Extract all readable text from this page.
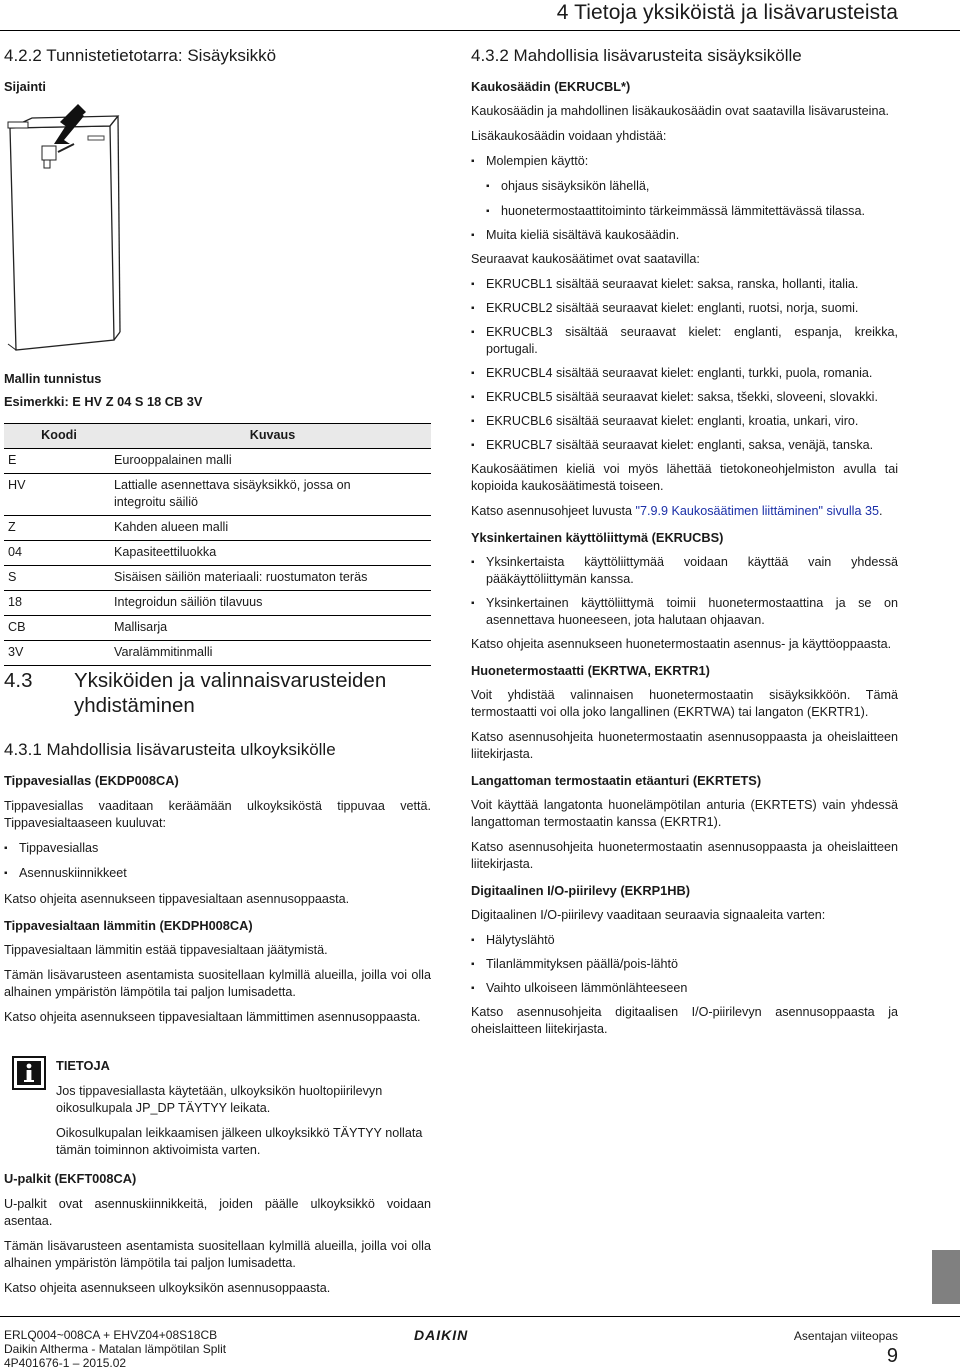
4 Tietoja yksiköistä ja lisävarusteista
4.2.2 Tunnistetietotarra: Sisäyksikkö
Sijainti
Mallin tunnistus
Esimerkki: E HV Z 04 S 18 CB 3V
Koodi	Kuvaus
E	Eurooppalainen malli
HV	Lattialle asennettava sisäyksikkö, jossa on integroitu säiliö
Z	Kahden alueen malli
04	Kapasiteettiluokka
S	Sisäisen säiliön materiaali: ruostumaton teräs
18	Integroidun säiliön tilavuus
CB	Mallisarja
3V	Varalämmitinmalli
4.3	Yksiköiden ja valinnaisvarusteiden yhdistäminen
4.3.1 Mahdollisia lisävarusteita ulkoyksikölle
Tippavesiallas (EKDP008CA)
Tippavesiallas vaaditaan keräämään ulkoyksiköstä tippuvaa vettä. Tippavesialtaaseen kuuluvat:
▪ Tippavesiallas
▪ Asennuskiinnikkeet
Katso ohjeita asennukseen tippavesialtaan asennusoppaasta.
Tippavesialtaan lämmitin (EKDPH008CA)
Tippavesialtaan lämmitin estää tippavesialtaan jäätymistä.
Tämän lisävarusteen asentamista suositellaan kylmillä alueilla, joilla voi olla alhainen ympäristön lämpötila tai paljon lumisadetta.
Katso ohjeita asennukseen tippavesialtaan lämmittimen asennusoppaasta.
TIETOJA
Jos tippavesiallasta käytetään, ulkoyksikön huoltopiirilevyn oikosulkupala JP_DP TÄYTYY leikata.
Oikosulkupalan leikkaamisen jälkeen ulkoyksikkö TÄYTYY nollata tämän toiminnon aktivoimista varten.
U-palkit (EKFT008CA)
U-palkit ovat asennuskiinnikkeitä, joiden päälle ulkoyksikkö voidaan asentaa.
Tämän lisävarusteen asentamista suositellaan kylmillä alueilla, joilla voi olla alhainen ympäristön lämpötila tai paljon lumisadetta.
Katso ohjeita asennukseen ulkoyksikön asennusoppaasta.
4.3.2 Mahdollisia lisävarusteita sisäyksikölle
Kaukosäädin (EKRUCBL*)
Kaukosäädin ja mahdollinen lisäkaukosäädin ovat saatavilla lisävarusteina.
Lisäkaukosäädin voidaan yhdistää:
▪ Molempien käyttö:
▪ ohjaus sisäyksikön lähellä,
▪ huonetermostaattitoiminto tärkeimmässä lämmitettävässä tilassa.
▪ Muita kieliä sisältävä kaukosäädin.
Seuraavat kaukosäätimet ovat saatavilla:
▪ EKRUCBL1 sisältää seuraavat kielet: saksa, ranska, hollanti, italia.
▪ EKRUCBL2 sisältää seuraavat kielet: englanti, ruotsi, norja, suomi.
▪ EKRUCBL3 sisältää seuraavat kielet: englanti, espanja, kreikka, portugali.
▪ EKRUCBL4 sisältää seuraavat kielet: englanti, turkki, puola, romania.
▪ EKRUCBL5 sisältää seuraavat kielet: saksa, tšekki, sloveeni, slovakki.
▪ EKRUCBL6 sisältää seuraavat kielet: englanti, kroatia, unkari, viro.
▪ EKRUCBL7 sisältää seuraavat kielet: englanti, saksa, venäjä, tanska.
Kaukosäätimen kieliä voi myös lähettää tietokoneohjelmiston avulla tai kopioida kaukosäätimestä toiseen.
Katso asennusohjeet luvusta "7.9.9 Kaukosäätimen liittäminen" sivulla 35.
Yksinkertainen käyttöliittymä (EKRUCBS)
▪ Yksinkertaista käyttöliittymää voidaan käyttää vain yhdessä pääkäyttöliittymän kanssa.
▪ Yksinkertainen käyttöliittymä toimii huonetermostaattina ja se on asennettava huoneeseen, jota halutaan ohjaavan.
Katso ohjeita asennukseen huonetermostaatin asennus- ja käyttöoppaasta.
Huonetermostaatti (EKRTWA, EKRTR1)
Voit yhdistää valinnaisen huonetermostaatin sisäyksikköön. Tämä termostaatti voi olla joko langallinen (EKRTWA) tai langaton (EKRTR1).
Katso asennusohjeita huonetermostaatin asennusoppaasta ja oheislaitteen liitekirjasta.
Langattoman termostaatin etäanturi (EKRTETS)
Voit käyttää langatonta huonelämpötilan anturia (EKRTETS) vain yhdessä langattoman termostaatin kanssa (EKRTR1).
Katso asennusohjeita huonetermostaatin asennusoppaasta ja oheislaitteen liitekirjasta.
Digitaalinen I/O-piirilevy (EKRP1HB)
Digitaalinen I/O-piirilevy vaaditaan seuraavia signaaleita varten:
▪ Hälytyslähtö
▪ Tilanlämmityksen päällä/pois-lähtö
▪ Vaihto ulkoiseen lämmönlähteeseen
Katso asennusohjeita digitaalisen I/O-piirilevyn asennusoppaasta ja oheislaitteen liitekirjasta.
ERLQ004~008CA + EHVZ04+08S18CB
Daikin Altherma - Matalan lämpötilan Split
4P401676-1 – 2015.02
DAIKIN	Asentajan viiteopas
9
